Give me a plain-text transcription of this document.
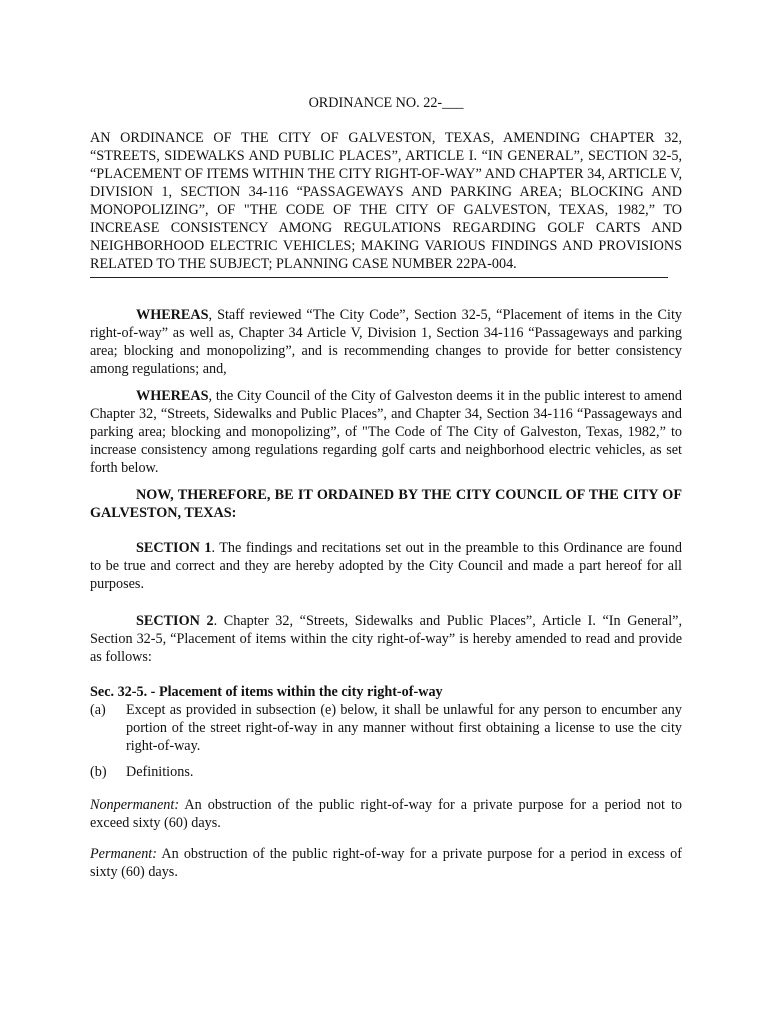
ORDINANCE NO. 22-___

AN ORDINANCE OF THE CITY OF GALVESTON, TEXAS, AMENDING CHAPTER 32, “STREETS, SIDEWALKS AND PUBLIC PLACES”, ARTICLE I. “IN GENERAL”, SECTION 32-5, “PLACEMENT OF ITEMS WITHIN THE CITY RIGHT-OF-WAY” AND CHAPTER 34, ARTICLE V, DIVISION 1, SECTION 34-116 “PASSAGEWAYS AND PARKING AREA; BLOCKING AND MONOPOLIZING”, OF "THE CODE OF THE CITY OF GALVESTON, TEXAS, 1982,” TO INCREASE CONSISTENCY AMONG REGULATIONS REGARDING GOLF CARTS AND NEIGHBORHOOD ELECTRIC VEHICLES; MAKING VARIOUS FINDINGS AND PROVISIONS RELATED TO THE SUBJECT; PLANNING CASE NUMBER 22PA-004.

WHEREAS, Staff reviewed “The City Code”, Section 32-5, “Placement of items in the City right-of-way” as well as, Chapter 34 Article V, Division 1, Section 34-116 “Passageways and parking area; blocking and monopolizing”, and is recommending changes to provide for better consistency among regulations; and,

WHEREAS, the City Council of the City of Galveston deems it in the public interest to amend Chapter 32, “Streets, Sidewalks and Public Places”, and Chapter 34, Section 34-116 “Passageways and parking area; blocking and monopolizing”, of "The Code of The City of Galveston, Texas, 1982,” to increase consistency among regulations regarding golf carts and neighborhood electric vehicles, as set forth below.

NOW, THEREFORE, BE IT ORDAINED BY THE CITY COUNCIL OF THE CITY OF GALVESTON, TEXAS:

SECTION 1. The findings and recitations set out in the preamble to this Ordinance are found to be true and correct and they are hereby adopted by the City Council and made a part hereof for all purposes.

SECTION 2. Chapter 32, “Streets, Sidewalks and Public Places”, Article I. “In General”, Section 32-5, “Placement of items within the city right-of-way” is hereby amended to read and provide as follows:

Sec. 32-5. - Placement of items within the city right-of-way

(a)	Except as provided in subsection (e) below, it shall be unlawful for any person to encumber any portion of the street right-of-way in any manner without first obtaining a license to use the city right-of-way.
(b)	Definitions.

Nonpermanent: An obstruction of the public right-of-way for a private purpose for a period not to exceed sixty (60) days.

Permanent: An obstruction of the public right-of-way for a private purpose for a period in excess of sixty (60) days.
